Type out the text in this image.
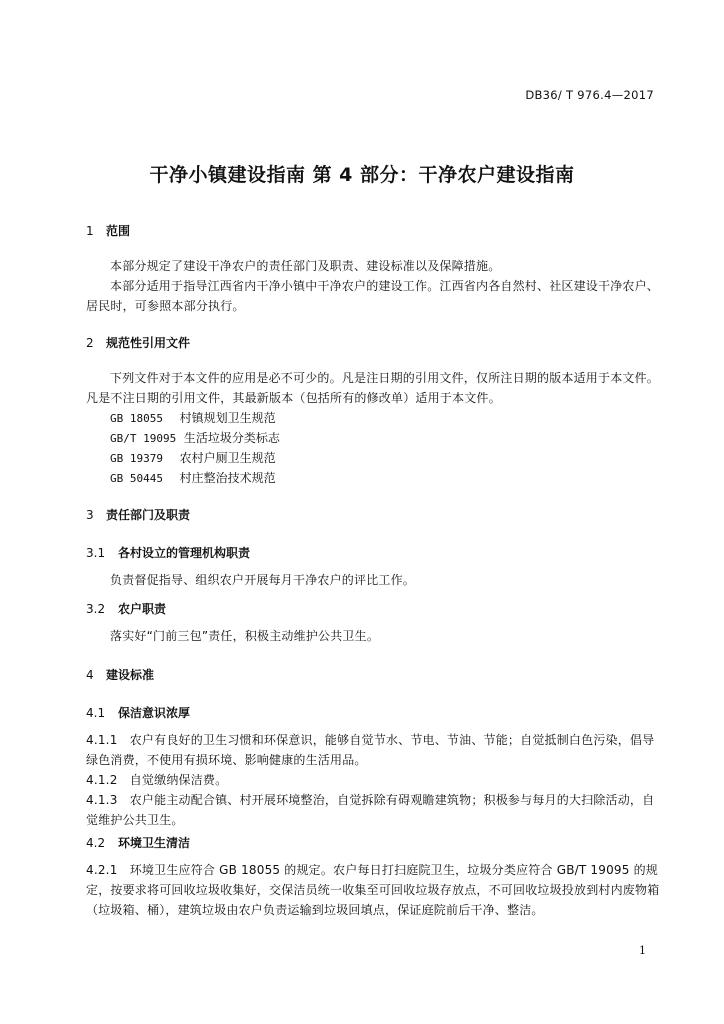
DB36/ T 976.4—2017
干净小镇建设指南 第 4 部分：干净农户建设指南
1 范围
本部分规定了建设干净农户的责任部门及职责、建设标准以及保障措施。
本部分适用于指导江西省内干净小镇中干净农户的建设工作。江西省内各自然村、社区建设干净农户、居民时，可参照本部分执行。
2 规范性引用文件
下列文件对于本文件的应用是必不可少的。凡是注日期的引用文件，仅所注日期的版本适用于本文件。凡是不注日期的引用文件，其最新版本（包括所有的修改单）适用于本文件。
GB 18055 村镇规划卫生规范
GB/T 19095 生活垃圾分类标志
GB 19379 农村户厕卫生规范
GB 50445 村庄整治技术规范
3 责任部门及职责
3.1 各村设立的管理机构职责
负责督促指导、组织农户开展每月干净农户的评比工作。
3.2 农户职责
落实好“门前三包”责任，积极主动维护公共卫生。
4 建设标准
4.1 保洁意识浓厚
4.1.1　农户有良好的卫生习惯和环保意识，能够自觉节水、节电、节油、节能；自觉抵制白色污染，倡导绿色消费，不使用有损环境、影响健康的生活用品。
4.1.2　自觉缴纳保洁费。
4.1.3　农户能主动配合镇、村开展环境整治，自觉拆除有碍观瞻建筑物；积极参与每月的大扫除活动，自觉维护公共卫生。
4.2 环境卫生清洁
4.2.1　环境卫生应符合 GB 18055 的规定。农户每日打扫庭院卫生，垃圾分类应符合 GB/T 19095 的规定，按要求将可回收垃圾收集好，交保洁员统一收集至可回收垃圾存放点，不可回收垃圾投放到村内废物箱（垃圾箱、桶），建筑垃圾由农户负责运输到垃圾回填点，保证庭院前后干净、整洁。
1
